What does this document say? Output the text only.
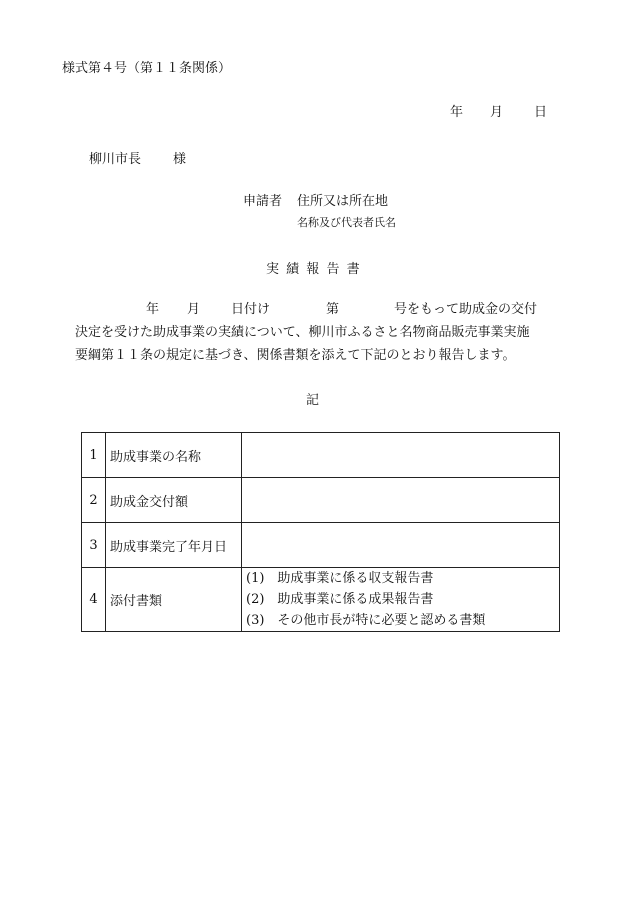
様式第４号（第１１条関係）
年 月 日
柳川市長 様
申請者 住所又は所在地
名称及び代表者氏名
実績報告書
年 月 日付け	第	号をもって助成金の交付
決定を受けた助成事業の実績について、柳川市ふるさと名物商品販売事業実施
要綱第１１条の規定に基づき、関係書類を添えて下記のとおり報告します。
記
1	助成事業の名称	
2	助成金交付額	
3	助成事業完了年月日	
4	添付書類	(1)　助成事業に係る収支報告書
(2)　助成事業に係る成果報告書
(3)　その他市長が特に必要と認める書類
